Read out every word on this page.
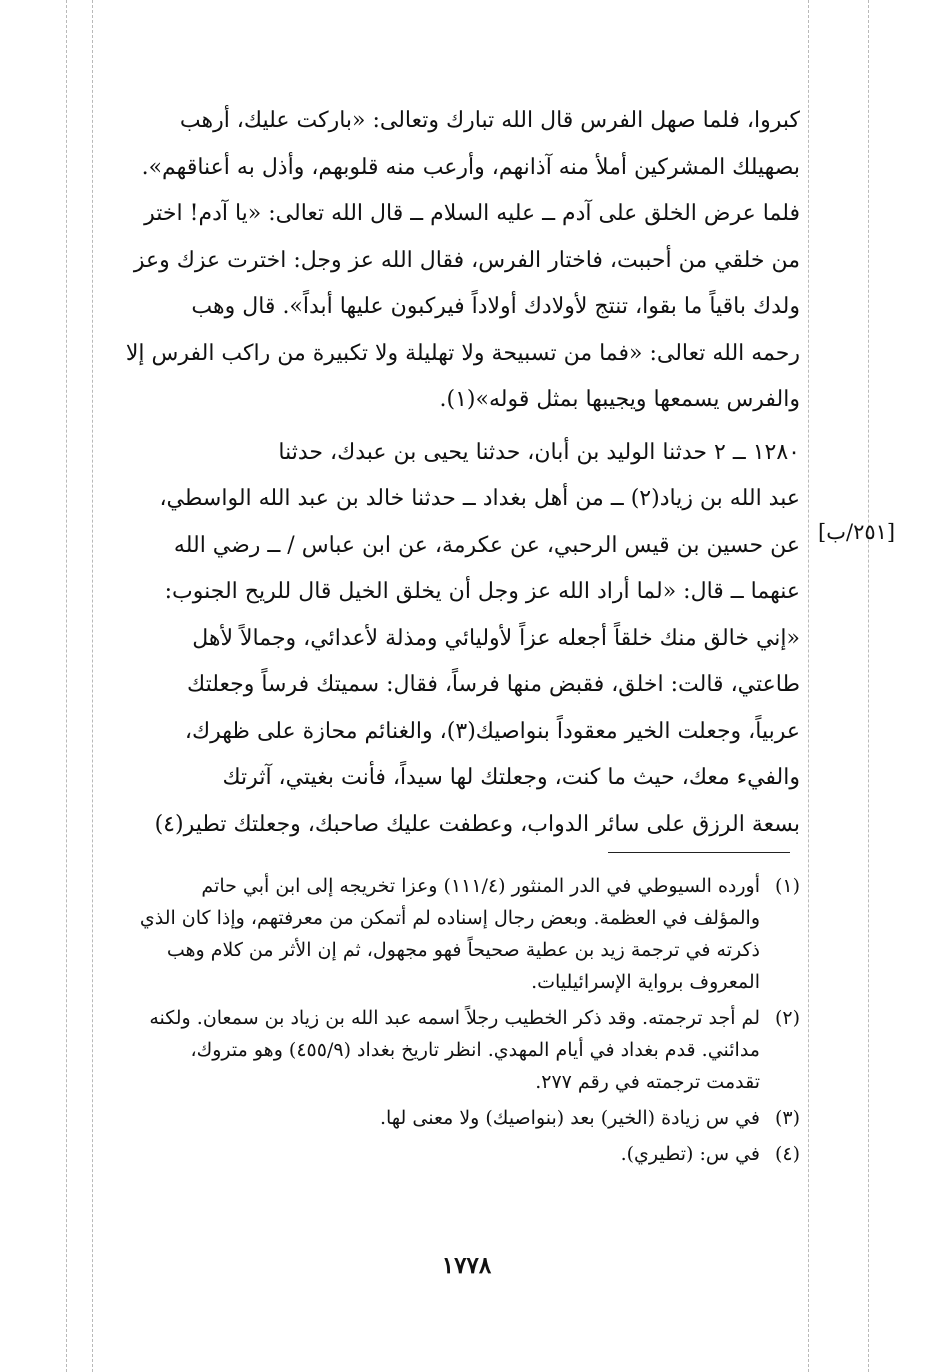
كبروا، فلما صهل الفرس قال الله تبارك وتعالى: «باركت عليك، أرهب
بصهيلك المشركين أملأ منه آذانهم، وأرعب منه قلوبهم، وأذل به أعناقهم».
فلما عرض الخلق على آدم ــ عليه السلام ــ قال الله تعالى: «يا آدم! اختر
من خلقي من أحببت، فاختار الفرس، فقال الله عز وجل: اخترت عزك وعز
ولدك باقياً ما بقوا، تنتج لأولادك أولاداً فيركبون عليها أبداً». قال وهب
رحمه الله تعالى: «فما من تسبيحة ولا تهليلة ولا تكبيرة من راكب الفرس إلا
والفرس يسمعها ويجيبها بمثل قوله»(١).

١٢٨٠ ــ ٢ حدثنا الوليد بن أبان، حدثنا يحيى بن عبدك، حدثنا
عبد الله بن زياد(٢) ــ من أهل بغداد ــ حدثنا خالد بن عبد الله الواسطي،
عن حسين بن قيس الرحبي، عن عكرمة، عن ابن عباس / ــ رضي الله
عنهما ــ قال: «لما أراد الله عز وجل أن يخلق الخيل قال للريح الجنوب:
«إني خالق منك خلقاً أجعله عزاً لأوليائي ومذلة لأعدائي، وجمالاً لأهل
طاعتي، قالت: اخلق، فقبض منها فرساً، فقال: سميتك فرساً وجعلتك
عربياً، وجعلت الخير معقوداً بنواصيك(٣)، والغنائم محازة على ظهرك،
والفيء معك، حيث ما كنت، وجعلتك لها سيداً، فأنت بغيتي، آثرتك
بسعة الرزق على سائر الدواب، وعطفت عليك صاحبك، وجعلتك تطير(٤)

[٢٥١/ب]
(١)
أورده السيوطي في الدر المنثور (١١١/٤) وعزا تخريجه إلى ابن أبي حاتم
والمؤلف في العظمة. وبعض رجال إسناده لم أتمكن من معرفتهم، وإذا كان الذي
ذكرته في ترجمة زيد بن عطية صحيحاً فهو مجهول، ثم إن الأثر من كلام وهب
المعروف برواية الإسرائيليات.
(٢)
لم أجد ترجمته. وقد ذكر الخطيب رجلاً اسمه عبد الله بن زياد بن سمعان. ولكنه
مدائني. قدم بغداد في أيام المهدي. انظر تاريخ بغداد (٤٥٥/٩) وهو متروك،
تقدمت ترجمته في رقم ٢٧٧.
(٣)
في س زيادة (الخير) بعد (بنواصيك) ولا معنى لها.
(٤)
في س: (تطيري).
١٧٧٨
